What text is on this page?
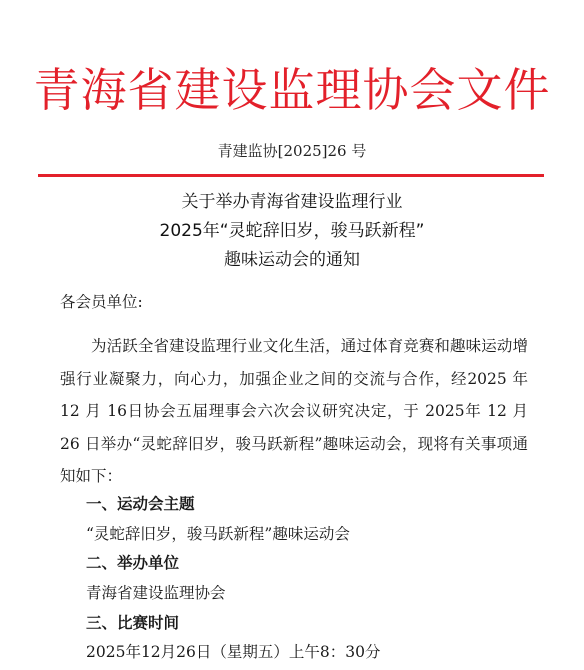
青海省建设监理协会文件
青建监协[2025]26 号
关于举办青海省建设监理行业
2025年“灵蛇辞旧岁，骏马跃新程”
趣味运动会的通知
各会员单位:
为活跃全省建设监理行业文化生活，通过体育竞赛和趣味运动增强行业凝聚力，向心力，加强企业之间的交流与合作，经2025 年 12 月 16日协会五届理事会六次会议研究决定，于 2025年 12 月 26 日举办“灵蛇辞旧岁，骏马跃新程”趣味运动会，现将有关事项通知如下：
一、运动会主题
“灵蛇辞旧岁，骏马跃新程”趣味运动会
二、举办单位
青海省建设监理协会
三、比赛时间
2025年12月26日（星期五）上午8：30分
